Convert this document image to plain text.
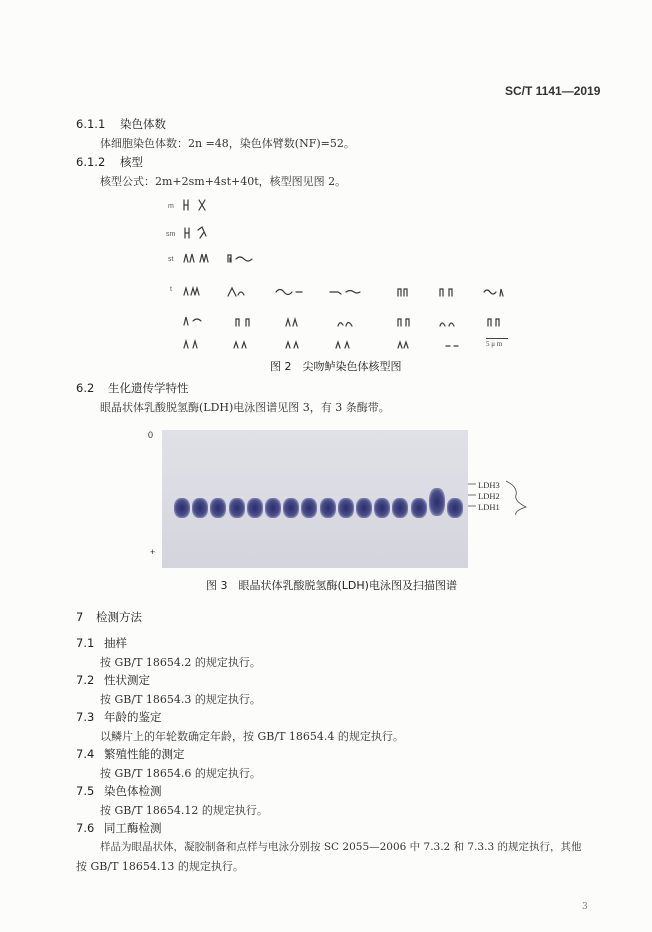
SC/T 1141—2019
6.1.1 染色体数
体细胞染色体数：2n =48，染色体臂数(NF)=52。
6.1.2 核型
核型公式：2m+2sm+4st+40t，核型图见图 2。
m
sm
st
t
5 μ m
图 2　尖吻鲈染色体核型图
6.2 生化遗传学特性
眼晶状体乳酸脱氢酶(LDH)电泳图谱见图 3，有 3 条酶带。
0
+
LDH3
LDH2
LDH1
图 3　眼晶状体乳酸脱氢酶(LDH)电泳图及扫描图谱
7 检测方法
7.1 抽样
按 GB/T 18654.2 的规定执行。
7.2 性状测定
按 GB/T 18654.3 的规定执行。
7.3 年龄的鉴定
以鳞片上的年轮数确定年龄，按 GB/T 18654.4 的规定执行。
7.4 繁殖性能的测定
按 GB/T 18654.6 的规定执行。
7.5 染色体检测
按 GB/T 18654.12 的规定执行。
7.6 同工酶检测
样品为眼晶状体，凝胶制备和点样与电泳分别按 SC 2055—2006 中 7.3.2 和 7.3.3 的规定执行，其他
按 GB/T 18654.13 的规定执行。
3
